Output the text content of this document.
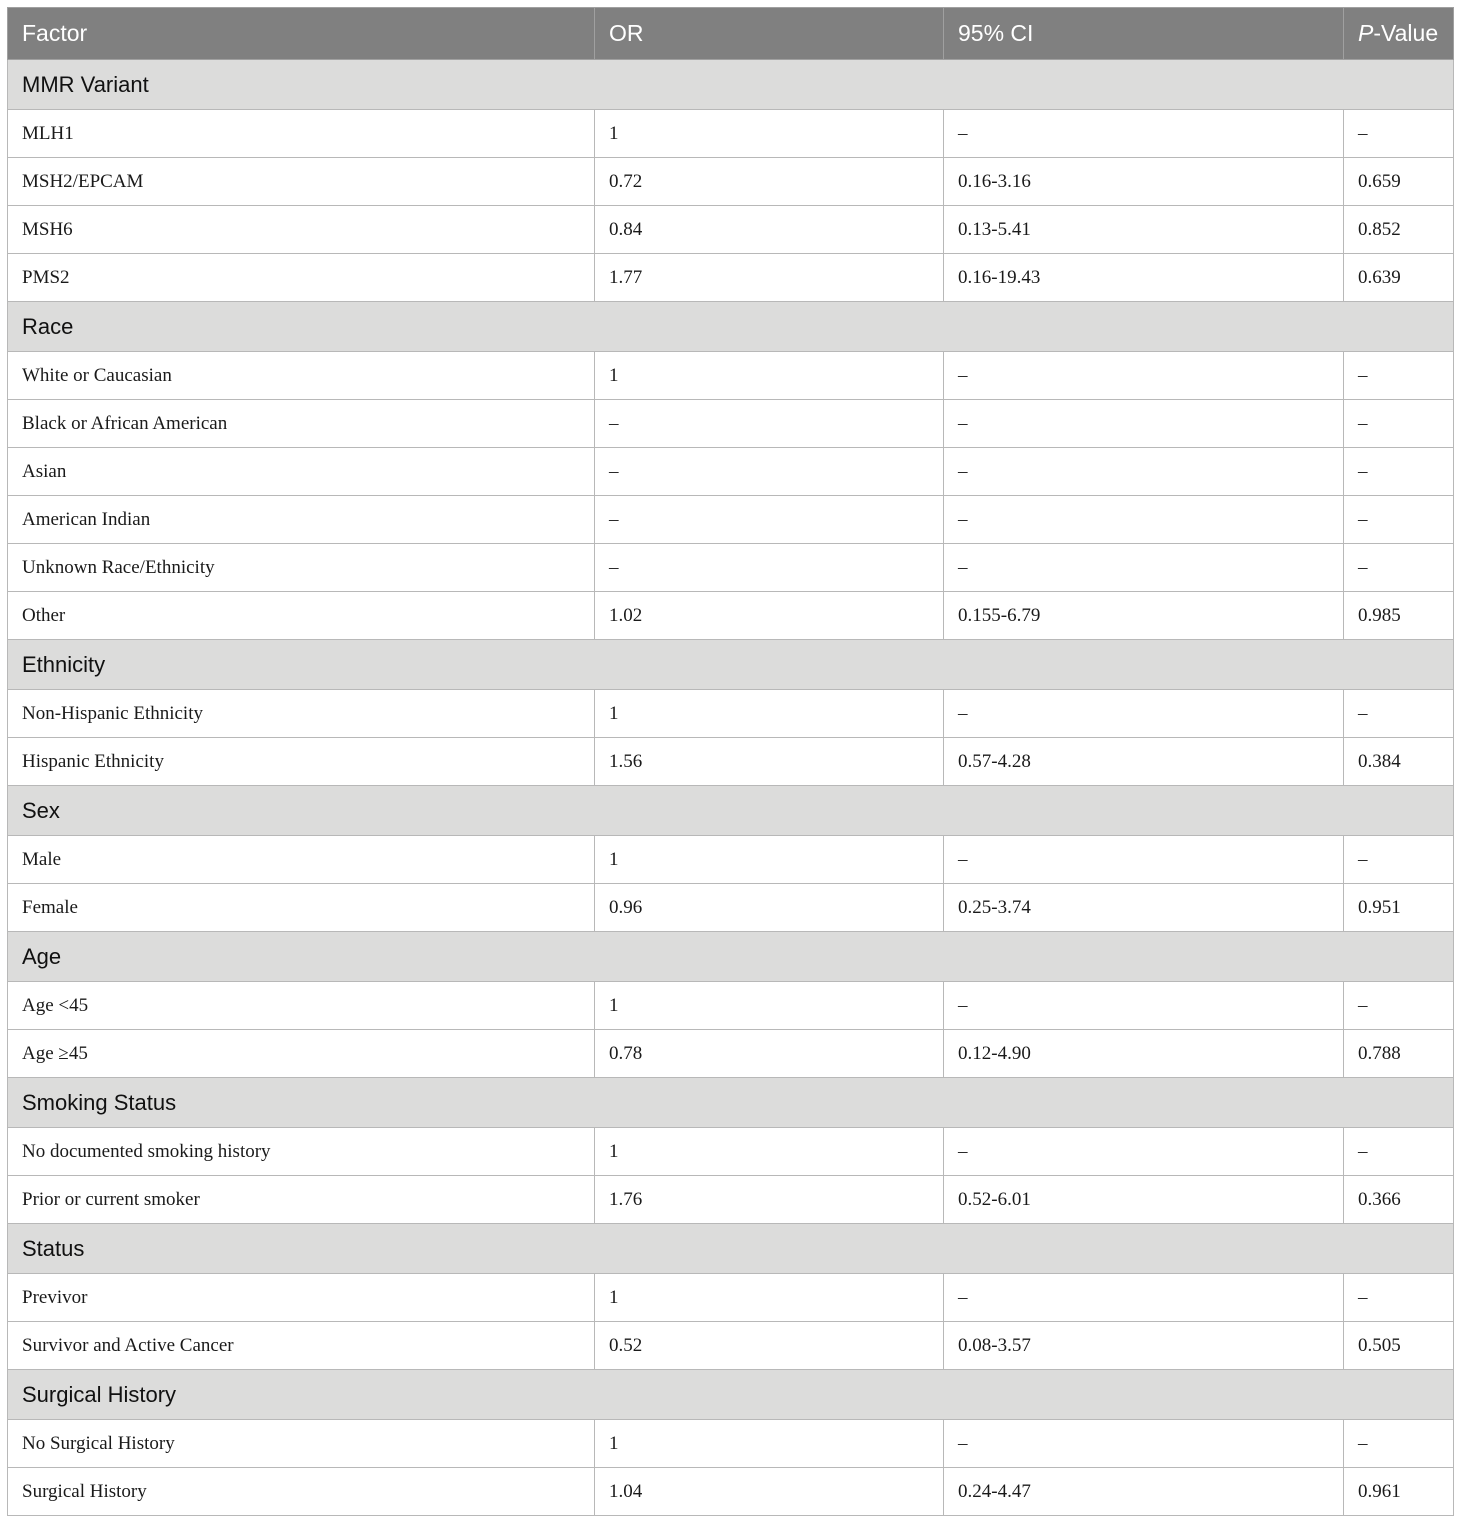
Factor	OR	95% CI	P-Value
MMR Variant			
MLH1	1	–	–
MSH2/EPCAM	0.72	0.16-3.16	0.659
MSH6	0.84	0.13-5.41	0.852
PMS2	1.77	0.16-19.43	0.639
Race			
White or Caucasian	1	–	–
Black or African American	–	–	–
Asian	–	–	–
American Indian	–	–	–
Unknown Race/Ethnicity	–	–	–
Other	1.02	0.155-6.79	0.985
Ethnicity			
Non-Hispanic Ethnicity	1	–	–
Hispanic Ethnicity	1.56	0.57-4.28	0.384
Sex			
Male	1	–	–
Female	0.96	0.25-3.74	0.951
Age			
Age <45	1	–	–
Age ≥45	0.78	0.12-4.90	0.788
Smoking Status			
No documented smoking history	1	–	–
Prior or current smoker	1.76	0.52-6.01	0.366
Status			
Previvor	1	–	–
Survivor and Active Cancer	0.52	0.08-3.57	0.505
Surgical History			
No Surgical History	1	–	–
Surgical History	1.04	0.24-4.47	0.961
